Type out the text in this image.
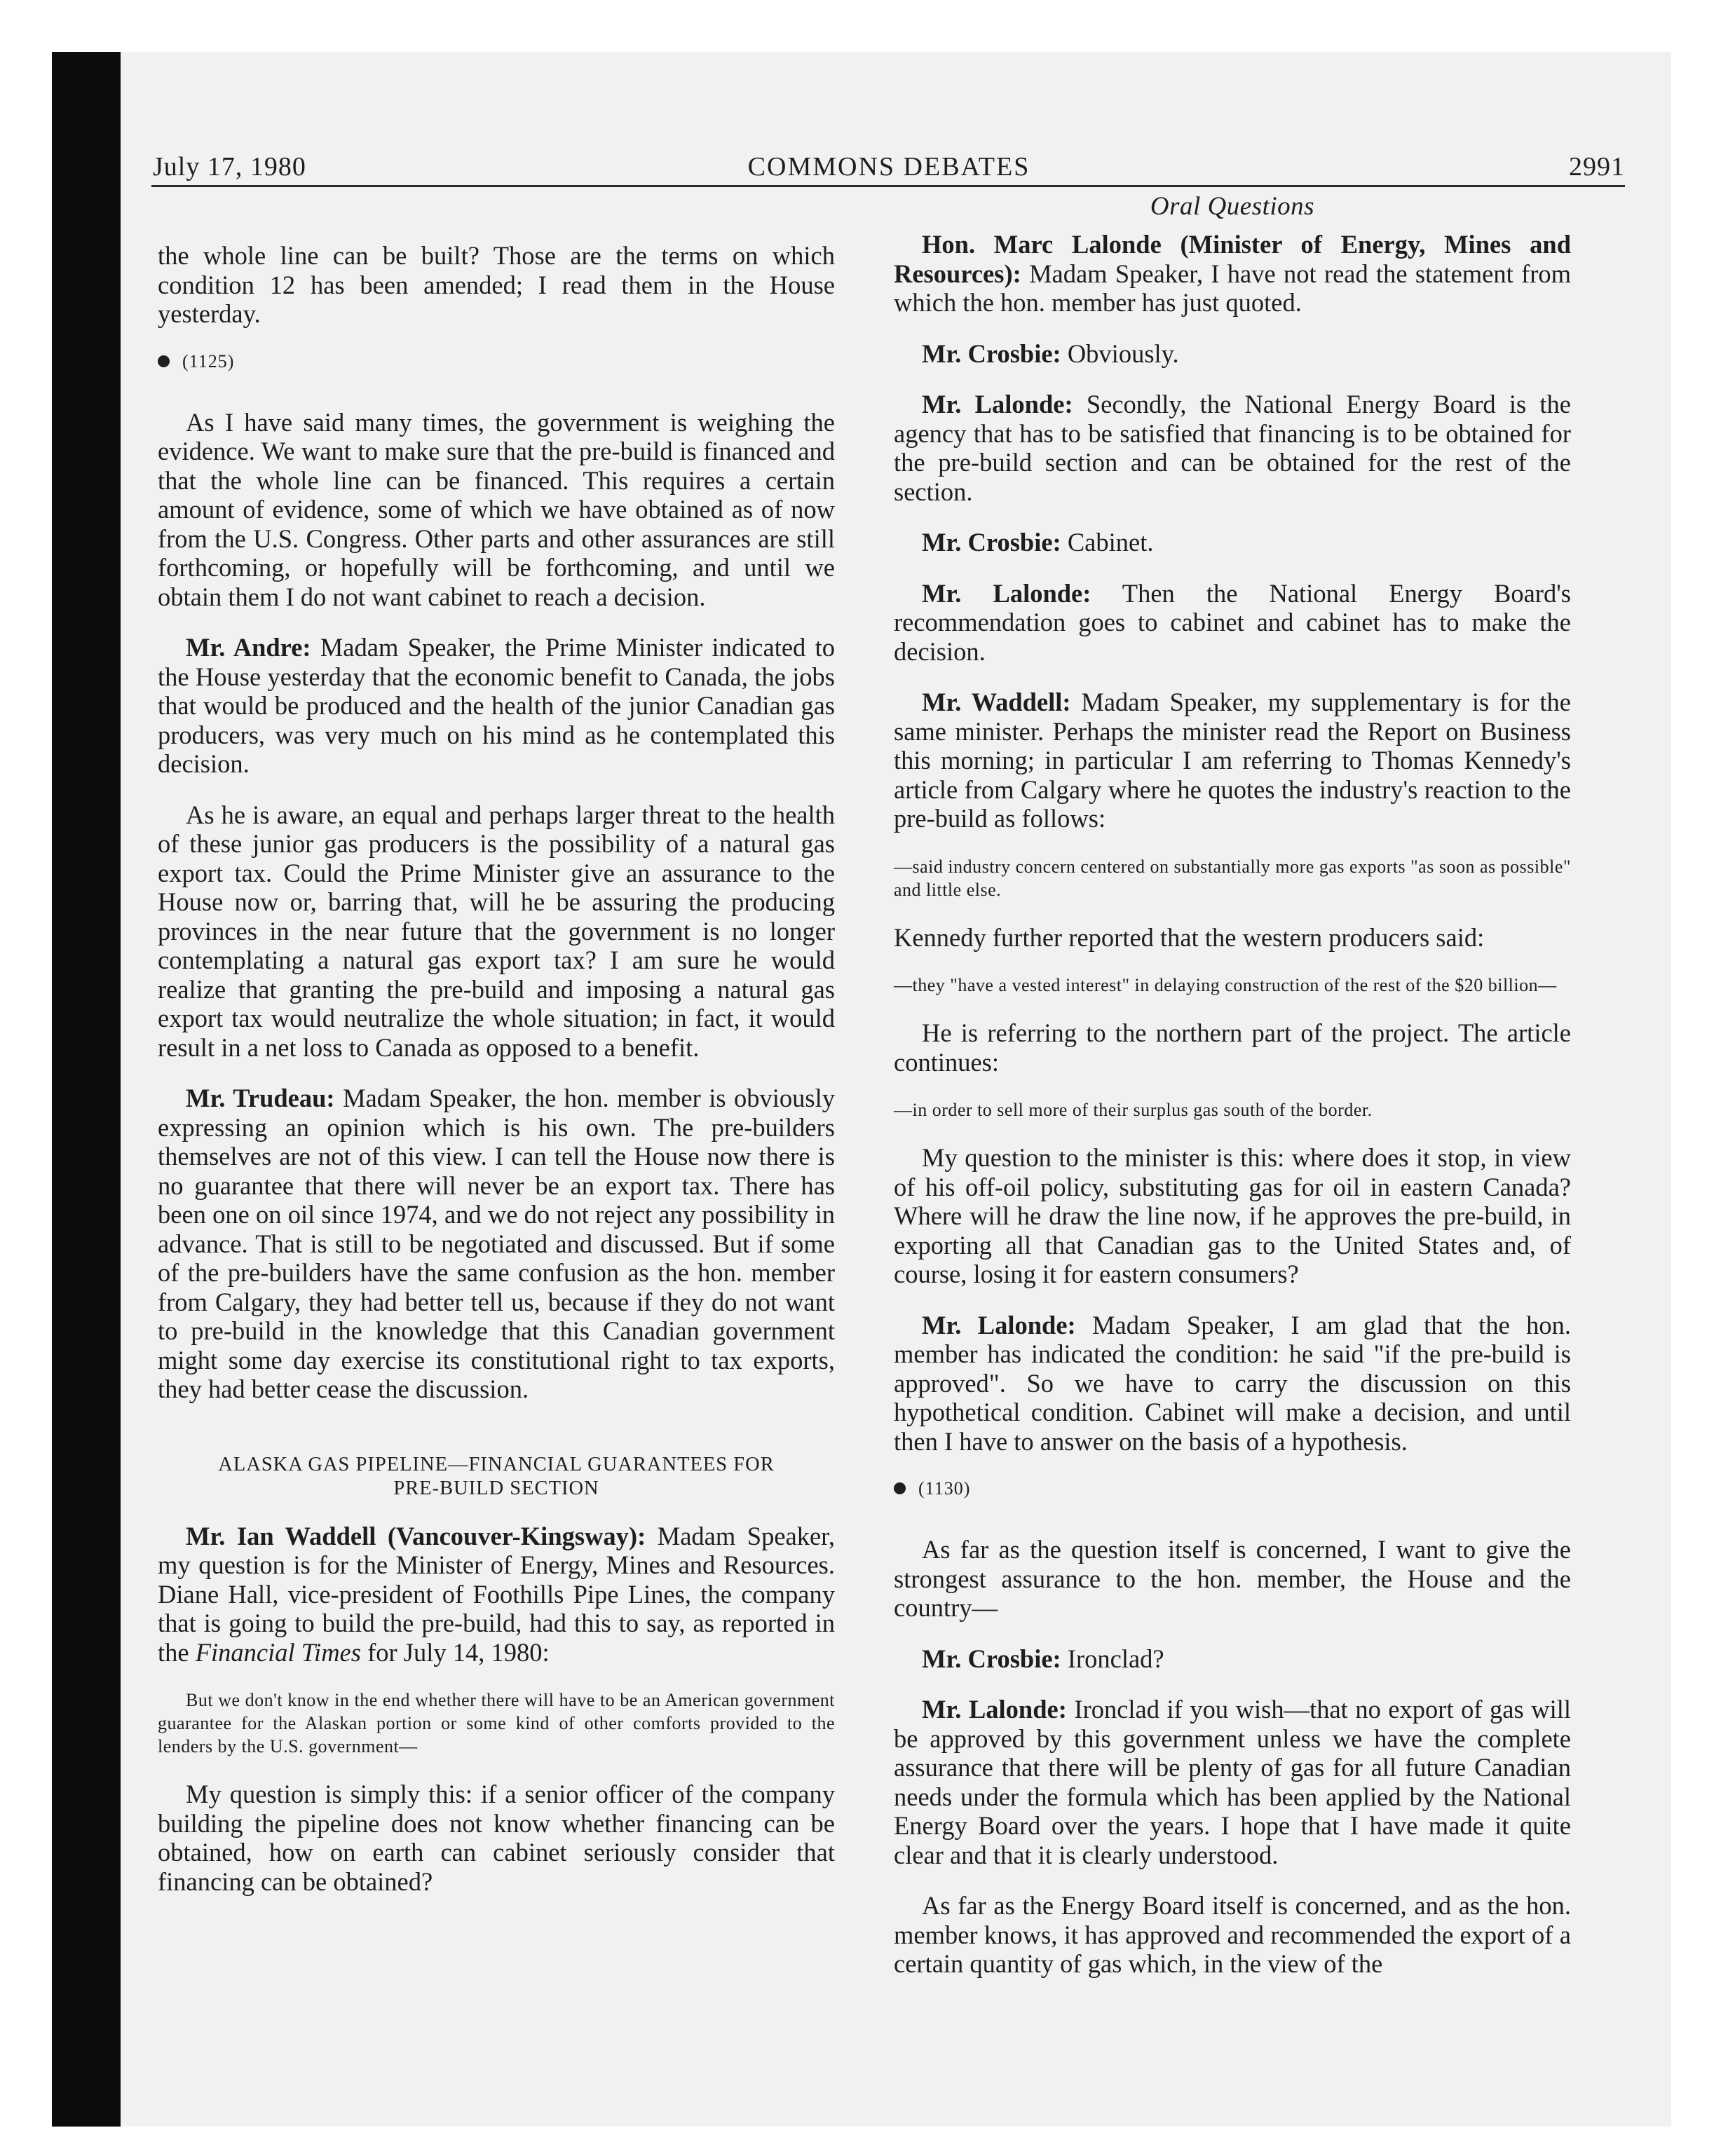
July 17, 1980	COMMONS DEBATES	2991

the whole line can be built? Those are the terms on which condition 12 has been amended; I read them in the House yesterday.

(1125)

As I have said many times, the government is weighing the evidence. We want to make sure that the pre-build is financed and that the whole line can be financed. This requires a certain amount of evidence, some of which we have obtained as of now from the U.S. Congress. Other parts and other assurances are still forthcoming, or hopefully will be forthcoming, and until we obtain them I do not want cabinet to reach a decision.

Mr. Andre: Madam Speaker, the Prime Minister indicated to the House yesterday that the economic benefit to Canada, the jobs that would be produced and the health of the junior Canadian gas producers, was very much on his mind as he contemplated this decision.

As he is aware, an equal and perhaps larger threat to the health of these junior gas producers is the possibility of a natural gas export tax. Could the Prime Minister give an assurance to the House now or, barring that, will he be assuring the producing provinces in the near future that the government is no longer contemplating a natural gas export tax? I am sure he would realize that granting the pre-build and imposing a natural gas export tax would neutralize the whole situation; in fact, it would result in a net loss to Canada as opposed to a benefit.

Mr. Trudeau: Madam Speaker, the hon. member is obviously expressing an opinion which is his own. The pre-builders themselves are not of this view. I can tell the House now there is no guarantee that there will never be an export tax. There has been one on oil since 1974, and we do not reject any possibility in advance. That is still to be negotiated and discussed. But if some of the pre-builders have the same confusion as the hon. member from Calgary, they had better tell us, because if they do not want to pre-build in the knowledge that this Canadian government might some day exercise its constitutional right to tax exports, they had better cease the discussion.

ALASKA GAS PIPELINE—FINANCIAL GUARANTEES FOR
PRE-BUILD SECTION

Mr. Ian Waddell (Vancouver-Kingsway): Madam Speaker, my question is for the Minister of Energy, Mines and Resources. Diane Hall, vice-president of Foothills Pipe Lines, the company that is going to build the pre-build, had this to say, as reported in the Financial Times for July 14, 1980:

But we don't know in the end whether there will have to be an American government guarantee for the Alaskan portion or some kind of other comforts provided to the lenders by the U.S. government—

My question is simply this: if a senior officer of the company building the pipeline does not know whether financing can be obtained, how on earth can cabinet seriously consider that financing can be obtained?

Oral Questions

Hon. Marc Lalonde (Minister of Energy, Mines and Resources): Madam Speaker, I have not read the statement from which the hon. member has just quoted.

Mr. Crosbie: Obviously.

Mr. Lalonde: Secondly, the National Energy Board is the agency that has to be satisfied that financing is to be obtained for the pre-build section and can be obtained for the rest of the section.

Mr. Crosbie: Cabinet.

Mr. Lalonde: Then the National Energy Board's recommendation goes to cabinet and cabinet has to make the decision.

Mr. Waddell: Madam Speaker, my supplementary is for the same minister. Perhaps the minister read the Report on Business this morning; in particular I am referring to Thomas Kennedy's article from Calgary where he quotes the industry's reaction to the pre-build as follows:

—said industry concern centered on substantially more gas exports "as soon as possible" and little else.

Kennedy further reported that the western producers said:

—they "have a vested interest" in delaying construction of the rest of the $20 billion—

He is referring to the northern part of the project. The article continues:

—in order to sell more of their surplus gas south of the border.

My question to the minister is this: where does it stop, in view of his off-oil policy, substituting gas for oil in eastern Canada? Where will he draw the line now, if he approves the pre-build, in exporting all that Canadian gas to the United States and, of course, losing it for eastern consumers?

Mr. Lalonde: Madam Speaker, I am glad that the hon. member has indicated the condition: he said "if the pre-build is approved". So we have to carry the discussion on this hypothetical condition. Cabinet will make a decision, and until then I have to answer on the basis of a hypothesis.

(1130)

As far as the question itself is concerned, I want to give the strongest assurance to the hon. member, the House and the country—

Mr. Crosbie: Ironclad?

Mr. Lalonde: Ironclad if you wish—that no export of gas will be approved by this government unless we have the complete assurance that there will be plenty of gas for all future Canadian needs under the formula which has been applied by the National Energy Board over the years. I hope that I have made it quite clear and that it is clearly understood.

As far as the Energy Board itself is concerned, and as the hon. member knows, it has approved and recommended the export of a certain quantity of gas which, in the view of the
